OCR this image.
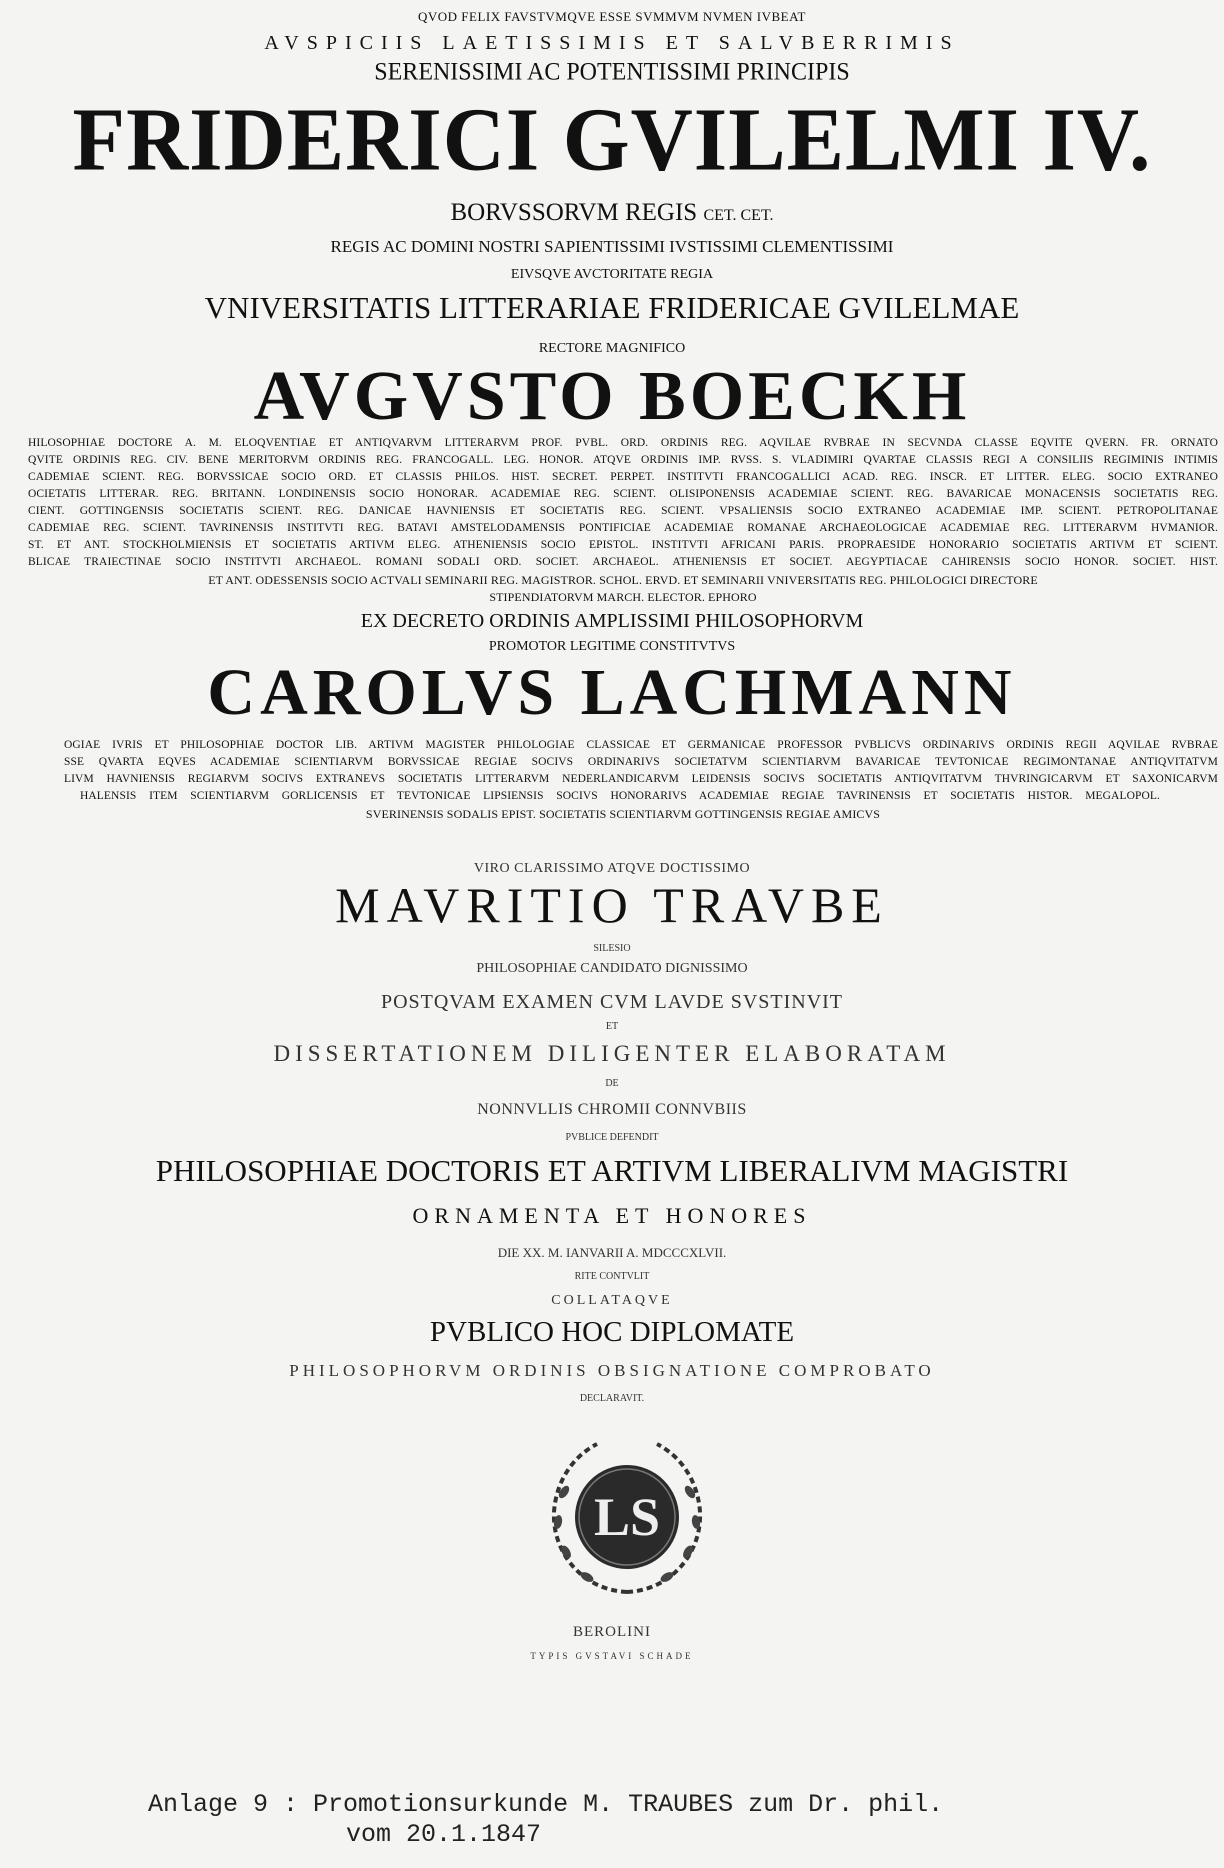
QVOD FELIX FAVSTVMQVE ESSE SVMMVM NVMEN IVBEAT
AVSPICIIS LAETISSIMIS ET SALVBERRIMIS
SERENISSIMI AC POTENTISSIMI PRINCIPIS
FRIDERICI GVILELMI IV.
BORVSSORVM REGIS CET. CET.
REGIS AC DOMINI NOSTRI SAPIENTISSIMI IVSTISSIMI CLEMENTISSIMI
EIVSQVE AVCTORITATE REGIA
VNIVERSITATIS LITTERARIAE FRIDERICAE GVILELMAE
RECTORE MAGNIFICO
AVGVSTO BOECKH
HILOSOPHIAE DOCTORE A. M. ELOQVENTIAE ET ANTIQVARVM LITTERARVM PROF. PVBL. ORD. ORDINIS REG. AQVILAE RVBRAE IN SECVNDA CLASSE EQVITE QVERN. FR. ORNATO
QVITE ORDINIS REG. CIV. BENE MERITORVM ORDINIS REG. FRANCOGALL. LEG. HONOR. ATQVE ORDINIS IMP. RVSS. S. VLADIMIRI QVARTAE CLASSIS REGI A CONSILIIS REGIMINIS INTIMIS
CADEMIAE SCIENT. REG. BORVSSICAE SOCIO ORD. ET CLASSIS PHILOS. HIST. SECRET. PERPET. INSTITVTI FRANCOGALLICI ACAD. REG. INSCR. ET LITTER. ELEG. SOCIO EXTRANEO
OCIETATIS LITTERAR. REG. BRITANN. LONDINENSIS SOCIO HONORAR. ACADEMIAE REG. SCIENT. OLISIPONENSIS ACADEMIAE SCIENT. REG. BAVARICAE MONACENSIS SOCIETATIS REG.
CIENT. GOTTINGENSIS SOCIETATIS SCIENT. REG. DANICAE HAVNIENSIS ET SOCIETATIS REG. SCIENT. VPSALIENSIS SOCIO EXTRANEO ACADEMIAE IMP. SCIENT. PETROPOLITANAE
CADEMIAE REG. SCIENT. TAVRINENSIS INSTITVTI REG. BATAVI AMSTELODAMENSIS PONTIFICIAE ACADEMIAE ROMANAE ARCHAEOLOGICAE ACADEMIAE REG. LITTERARVM HVMANIOR.
ST. ET ANT. STOCKHOLMIENSIS ET SOCIETATIS ARTIVM ELEG. ATHENIENSIS SOCIO EPISTOL. INSTITVTI AFRICANI PARIS. PROPRAESIDE HONORARIO SOCIETATIS ARTIVM ET SCIENT.
BLICAE TRAIECTINAE SOCIO INSTITVTI ARCHAEOL. ROMANI SODALI ORD. SOCIET. ARCHAEOL. ATHENIENSIS ET SOCIET. AEGYPTIACAE CAHIRENSIS SOCIO HONOR. SOCIET. HIST.
ET ANT. ODESSENSIS SOCIO ACTVALI SEMINARII REG. MAGISTROR. SCHOL. ERVD. ET SEMINARII VNIVERSITATIS REG. PHILOLOGICI DIRECTORE
STIPENDIATORVM MARCH. ELECTOR. EPHORO
EX DECRETO ORDINIS AMPLISSIMI PHILOSOPHORVM
PROMOTOR LEGITIME CONSTITVTVS
CAROLVS LACHMANN
OGIAE IVRIS ET PHILOSOPHIAE DOCTOR LIB. ARTIVM MAGISTER PHILOLOGIAE CLASSICAE ET GERMANICAE PROFESSOR PVBLICVS ORDINARIVS ORDINIS REGII AQVILAE RVBRAE
SSE QVARTA EQVES ACADEMIAE SCIENTIARVM BORVSSICAE REGIAE SOCIVS ORDINARIVS SOCIETATVM SCIENTIARVM BAVARICAE TEVTONICAE REGIMONTANAE ANTIQVITATVM
LIVM HAVNIENSIS REGIARVM SOCIVS EXTRANEVS SOCIETATIS LITTERARVM NEDERLANDICARVM LEIDENSIS SOCIVS SOCIETATIS ANTIQVITATVM THVRINGICARVM ET SAXONICARVM
HALENSIS ITEM SCIENTIARVM GORLICENSIS ET TEVTONICAE LIPSIENSIS SOCIVS HONORARIVS ACADEMIAE REGIAE TAVRINENSIS ET SOCIETATIS HISTOR. MEGALOPOL.
SVERINENSIS SODALIS EPIST. SOCIETATIS SCIENTIARVM GOTTINGENSIS REGIAE AMICVS
VIRO CLARISSIMO ATQVE DOCTISSIMO
MAVRITIO TRAVBE
SILESIO
PHILOSOPHIAE CANDIDATO DIGNISSIMO
POSTQVAM EXAMEN CVM LAVDE SVSTINVIT
ET
DISSERTATIONEM DILIGENTER ELABORATAM
DE
NONNVLLIS CHROMII CONNVBIIS
PVBLICE DEFENDIT
PHILOSOPHIAE DOCTORIS ET ARTIVM LIBERALIVM MAGISTRI
ORNAMENTA ET HONORES
DIE XX. M. IANVARII A. MDCCCXLVII.
RITE CONTVLIT
COLLATAQVE
PVBLICO HOC DIPLOMATE
PHILOSOPHORVM ORDINIS OBSIGNATIONE COMPROBATO
DECLARAVIT.
LS
BEROLINI
TYPIS GVSTAVI SCHADE
Anlage 9 : Promotionsurkunde M. TRAUBES zum Dr. phil.
vom 20.1.1847
